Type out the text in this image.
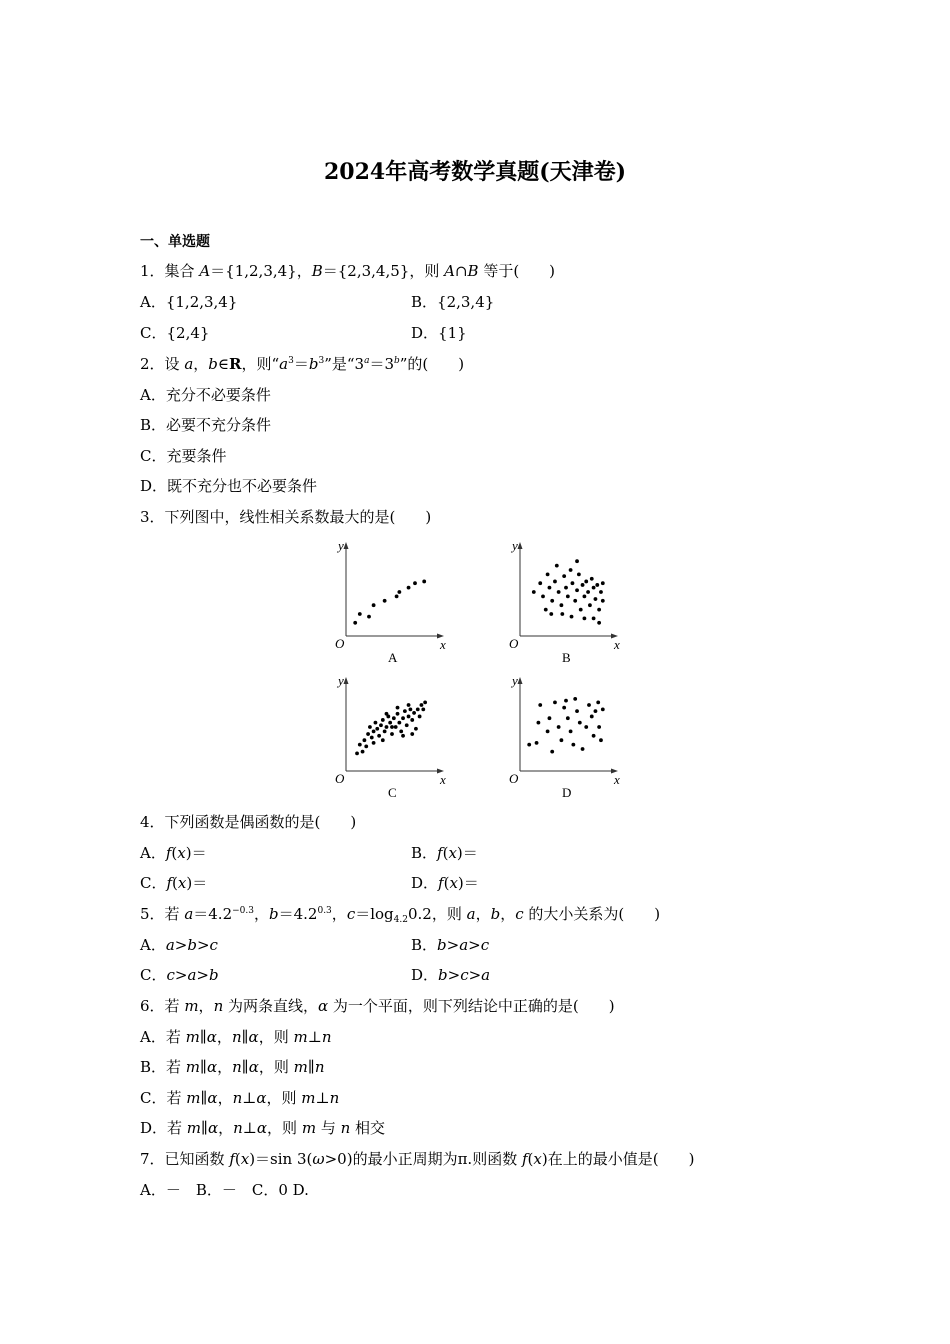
2024年高考数学真题(天津卷)
一、单选题
1．集合 A＝{1,2,3,4}，B＝{2,3,4,5}，则 A∩B 等于(　　)
A．{1,2,3,4}	B．{2,3,4}
C．{2,4}	D．{1}
2．设 a，b∈R，则“$a^3=b^3$”是“$3^a=3^b$”的(　　)
A．充分不必要条件
B．必要不充分条件
C．充要条件
D．既不充分也不必要条件
3．下列图中，线性相关系数最大的是(　　)
y
x
O
A
y
x
O
B
y
x
O
C
y
x
O
D
4．下列函数是偶函数的是(　　)
A．f(x)＝	B．f(x)＝
C．f(x)＝	D．f(x)＝
5．若 $a=4.2^{-0.3}$，$b=4.2^{0.3}$，$c=\log_{4.2}0.2$，则 a，b，c 的大小关系为(　　)
A．a>b>c	B．b>a>c
C．c>a>b	D．b>c>a
6．若 m，n 为两条直线，α 为一个平面，则下列结论中正确的是(　　)
A．若 m∥α，n∥α，则 m⊥n
B．若 m∥α，n∥α，则 m∥n
C．若 m∥α，n⊥α，则 m⊥n
D．若 m∥α，n⊥α，则 m 与 n 相交
7．已知函数 f(x)＝sin 3(ω>0)的最小正周期为π.则函数 f(x)在上的最小值是(　　)
A．－　B．－　C．0 D.
